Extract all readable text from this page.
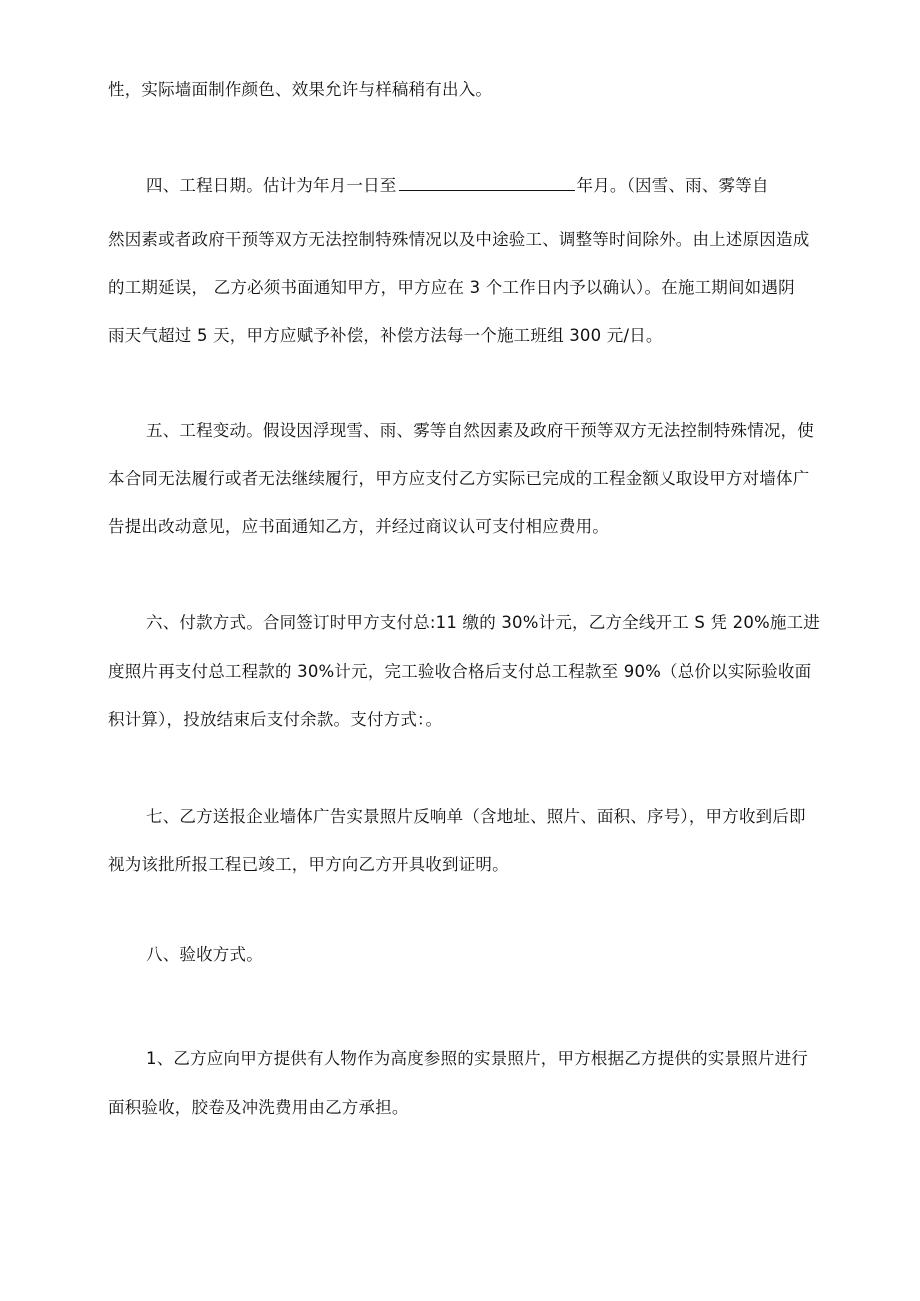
性，实际墙面制作颜色、效果允许与样稿稍有出入。
四、工程日期。估计为年月一日至	年月。（因雪、雨、雾等自
然因素或者政府干预等双方无法控制特殊情况以及中途验工、调整等时间除外。由上述原因造成
的工期延误， 乙方必须书面通知甲方，甲方应在 3 个工作日内予以确认）。在施工期间如遇阴
雨天气超过 5 天，甲方应赋予补偿，补偿方法每一个施工班组 300 元/日。
五、工程变动。假设因浮现雪、雨、雾等自然因素及政府干预等双方无法控制特殊情况，使
本合同无法履行或者无法继续履行，甲方应支付乙方实际已完成的工程金额乂取设甲方对墙体广
告提出改动意见，应书面通知乙方，并经过商议认可支付相应费用。
六、付款方式。合同签订时甲方支付总:11 缴的 30%计元，乙方全线开工 S 凭 20%施工进
度照片再支付总工程款的 30%计元，完工验收合格后支付总工程款至 90%（总价以实际验收面
积计算），投放结束后支付余款。支付方式：。
七、乙方送报企业墙体广告实景照片反响单（含地址、照片、面积、序号），甲方收到后即
视为该批所报工程已竣工，甲方向乙方开具收到证明。
八、验收方式。
1、乙方应向甲方提供有人物作为高度参照的实景照片，甲方根据乙方提供的实景照片进行
面积验收，胶卷及冲洗费用由乙方承担。
